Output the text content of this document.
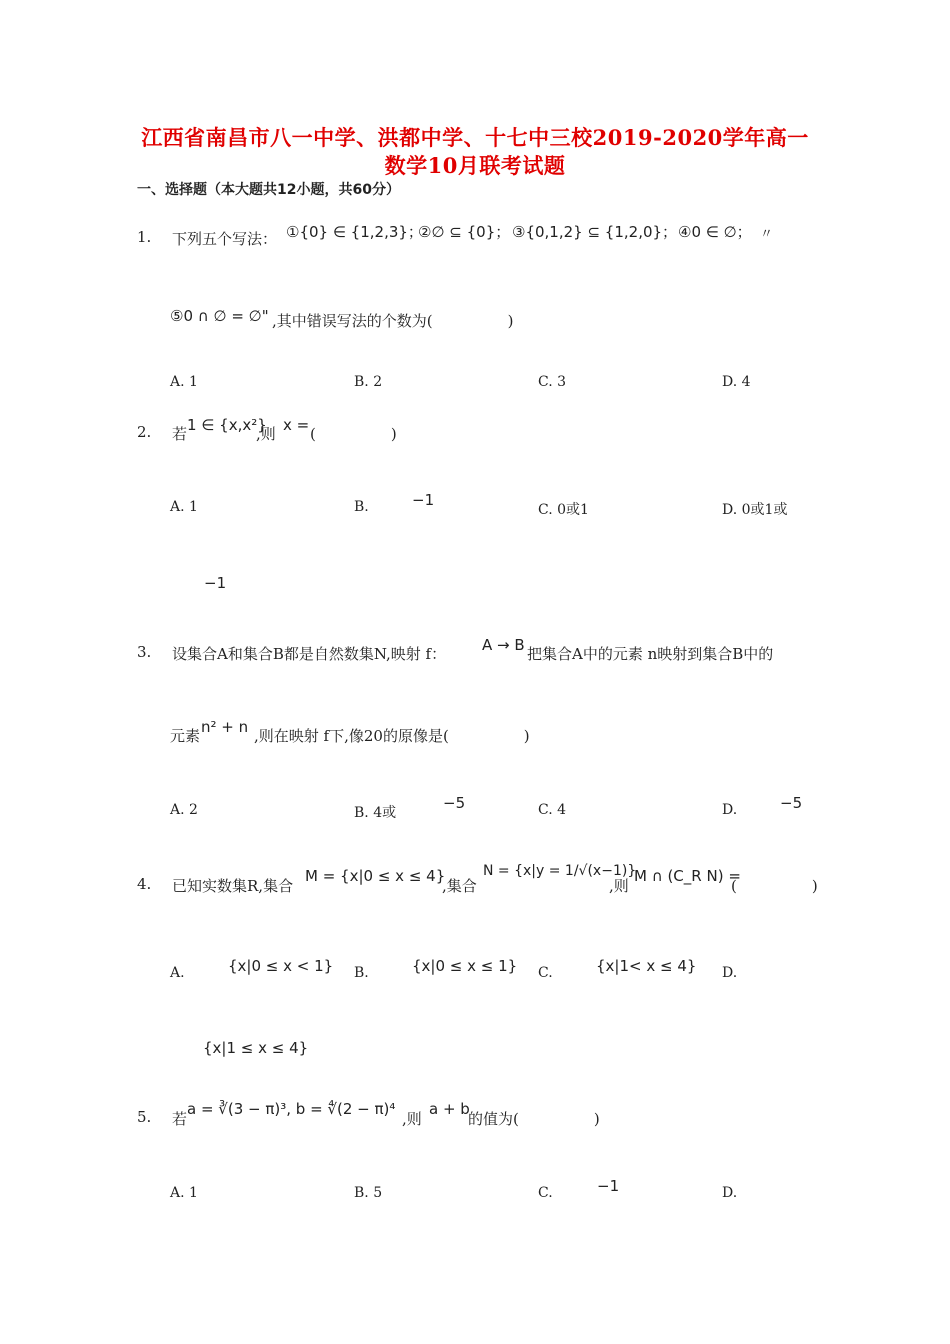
江西省南昌市八一中学、洪都中学、十七中三校2019-2020学年高一
数学10月联考试题
一、选择题（本大题共12小题，共60分）
1. 下列五个写法： ①{0} ∈ {1,2,3}；
②∅ ⊆ {0}； ③{0,1,2} ⊆ {1,2,0}； ④0 ∈ ∅； 〃
⑤0 ∩ ∅ = ∅" ,其中错误写法的个数为(　　　　　)
A. 1	B. 2	C. 3	D. 4
2. 若 1 ∈ {x,x²}
,则 x = (　　　　　)
A. 1	B.	−1
C. 0或1	D. 0或1或
−1
3. 设集合A和集合B都是自然数集N,映射 f： A → B 把集合A中的元素 n映射到集合B中的
元素 n² + n ,则在映射 f下,像20的原像是(　　　　　)
A. 2	B. 4或
−5	C. 4	D.	−5
4. 已知实数集R,集合
M = {x|0 ≤ x ≤ 4}
,集合
N = {x|y = 1/√(x−1)}
,则
M ∩ (C_R N) =
(　　　　　)
A.	{x|0 ≤ x < 1} B.	{x|0 ≤ x ≤ 1} C.	{x|1< x ≤ 4} D.
{x|1 ≤ x ≤ 4}
5. 若
a = ∛(3 − π)³, b = ∜(2 − π)⁴
,则
a + b
的值为(　　　　　)
A. 1	B. 5	C.	−1	D.
